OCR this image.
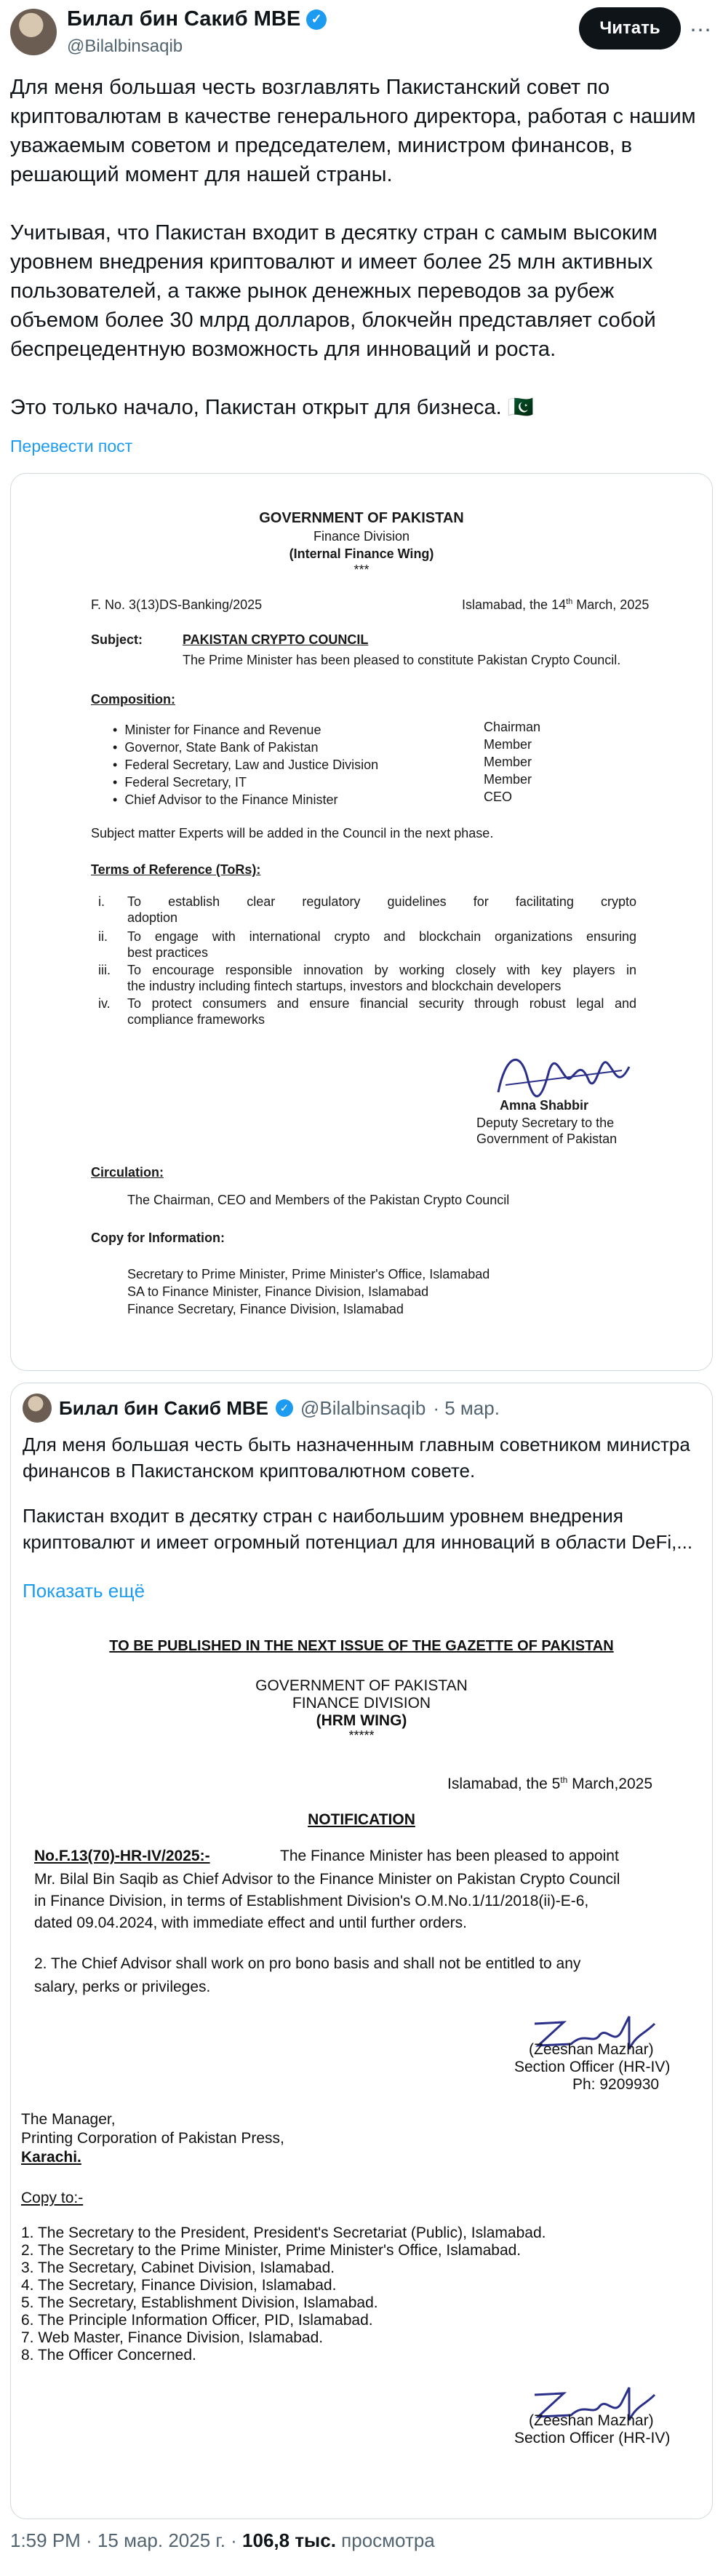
Билал бин Сакиб MBE ✓
@Bilalbinsaqib
Читать	⋯

Для меня большая честь возглавлять Пакистанский совет по криптовалютам в качестве генерального директора, работая с нашим уважаемым советом и председателем, министром финансов, в решающий момент для нашей страны.

Учитывая, что Пакистан входит в десятку стран с самым высоким уровнем внедрения криптовалют и имеет более 25 млн активных пользователей, а также рынок денежных переводов за рубеж объемом более 30 млрд долларов, блокчейн представляет собой беспрецедентную возможность для инноваций и роста.

Это только начало, Пакистан открыт для бизнеса. 🇵🇰

Перевести пост
GOVERNMENT OF PAKISTAN
Finance Division
(Internal Finance Wing)
***
F. No. 3(13)DS-Banking/2025	Islamabad, the 14th March, 2025
Subject:	PAKISTAN CRYPTO COUNCIL
The Prime Minister has been pleased to constitute Pakistan Crypto Council.
Composition:
•  Minister for Finance and Revenue	Chairman
•  Governor, State Bank of Pakistan	Member
•  Federal Secretary, Law and Justice Division	Member
•  Federal Secretary, IT	Member
•  Chief Advisor to the Finance Minister	CEO
Subject matter Experts will be added in the Council in the next phase.
Terms of Reference (ToRs):
i. To establish clear regulatory guidelines for facilitating crypto
adoption
ii. To engage with international crypto and blockchain organizations ensuring
best practices
iii. To encourage responsible innovation by working closely with key players in
the industry including fintech startups, investors and blockchain developers
iv. To protect consumers and ensure financial security through robust legal and
compliance frameworks
Amna Shabbir
Deputy Secretary to the
Government of Pakistan
Circulation:
The Chairman, CEO and Members of the Pakistan Crypto Council
Copy for Information:
Secretary to Prime Minister, Prime Minister's Office, Islamabad
SA to Finance Minister, Finance Division, Islamabad
Finance Secretary, Finance Division, Islamabad
Билал бин Сакиб MBE	✓ @Bilalbinsaqib · 5 мар.

Для меня большая честь быть назначенным главным советником министра финансов в Пакистанском криптовалютном совете.

Пакистан входит в десятку стран с наибольшим уровнем внедрения криптовалют и имеет огромный потенциал для инноваций в области DeFi,...

Показать ещё
TO BE PUBLISHED IN THE NEXT ISSUE OF THE GAZETTE OF PAKISTAN
GOVERNMENT OF PAKISTAN
FINANCE DIVISION
(HRM WING)
*****
Islamabad, the 5th March,2025
NOTIFICATION
No.F.13(70)-HR-IV/2025:-	The Finance Minister has been pleased to appoint
Mr. Bilal Bin Saqib as Chief Advisor to the Finance Minister on Pakistan Crypto Council
in Finance Division, in terms of Establishment Division's O.M.No.1/11/2018(ii)-E-6,
dated 09.04.2024, with immediate effect and until further orders.
2. The Chief Advisor shall work on pro bono basis and shall not be entitled to any
salary, perks or privileges.
(Zeeshan Mazhar)
Section Officer (HR-IV)
Ph: 9209930
The Manager,
Printing Corporation of Pakistan Press,
Karachi.
Copy to:-
1. The Secretary to the President, President's Secretariat (Public), Islamabad.
2. The Secretary to the Prime Minister, Prime Minister's Office, Islamabad.
3. The Secretary, Cabinet Division, Islamabad.
4. The Secretary, Finance Division, Islamabad.
5. The Secretary, Establishment Division, Islamabad.
6. The Principle Information Officer, PID, Islamabad.
7. Web Master, Finance Division, Islamabad.
8. The Officer Concerned.
(Zeeshan Mazhar)
Section Officer (HR-IV)
1:59 PM · 15 мар. 2025 г. · 106,8 тыс. просмотра
